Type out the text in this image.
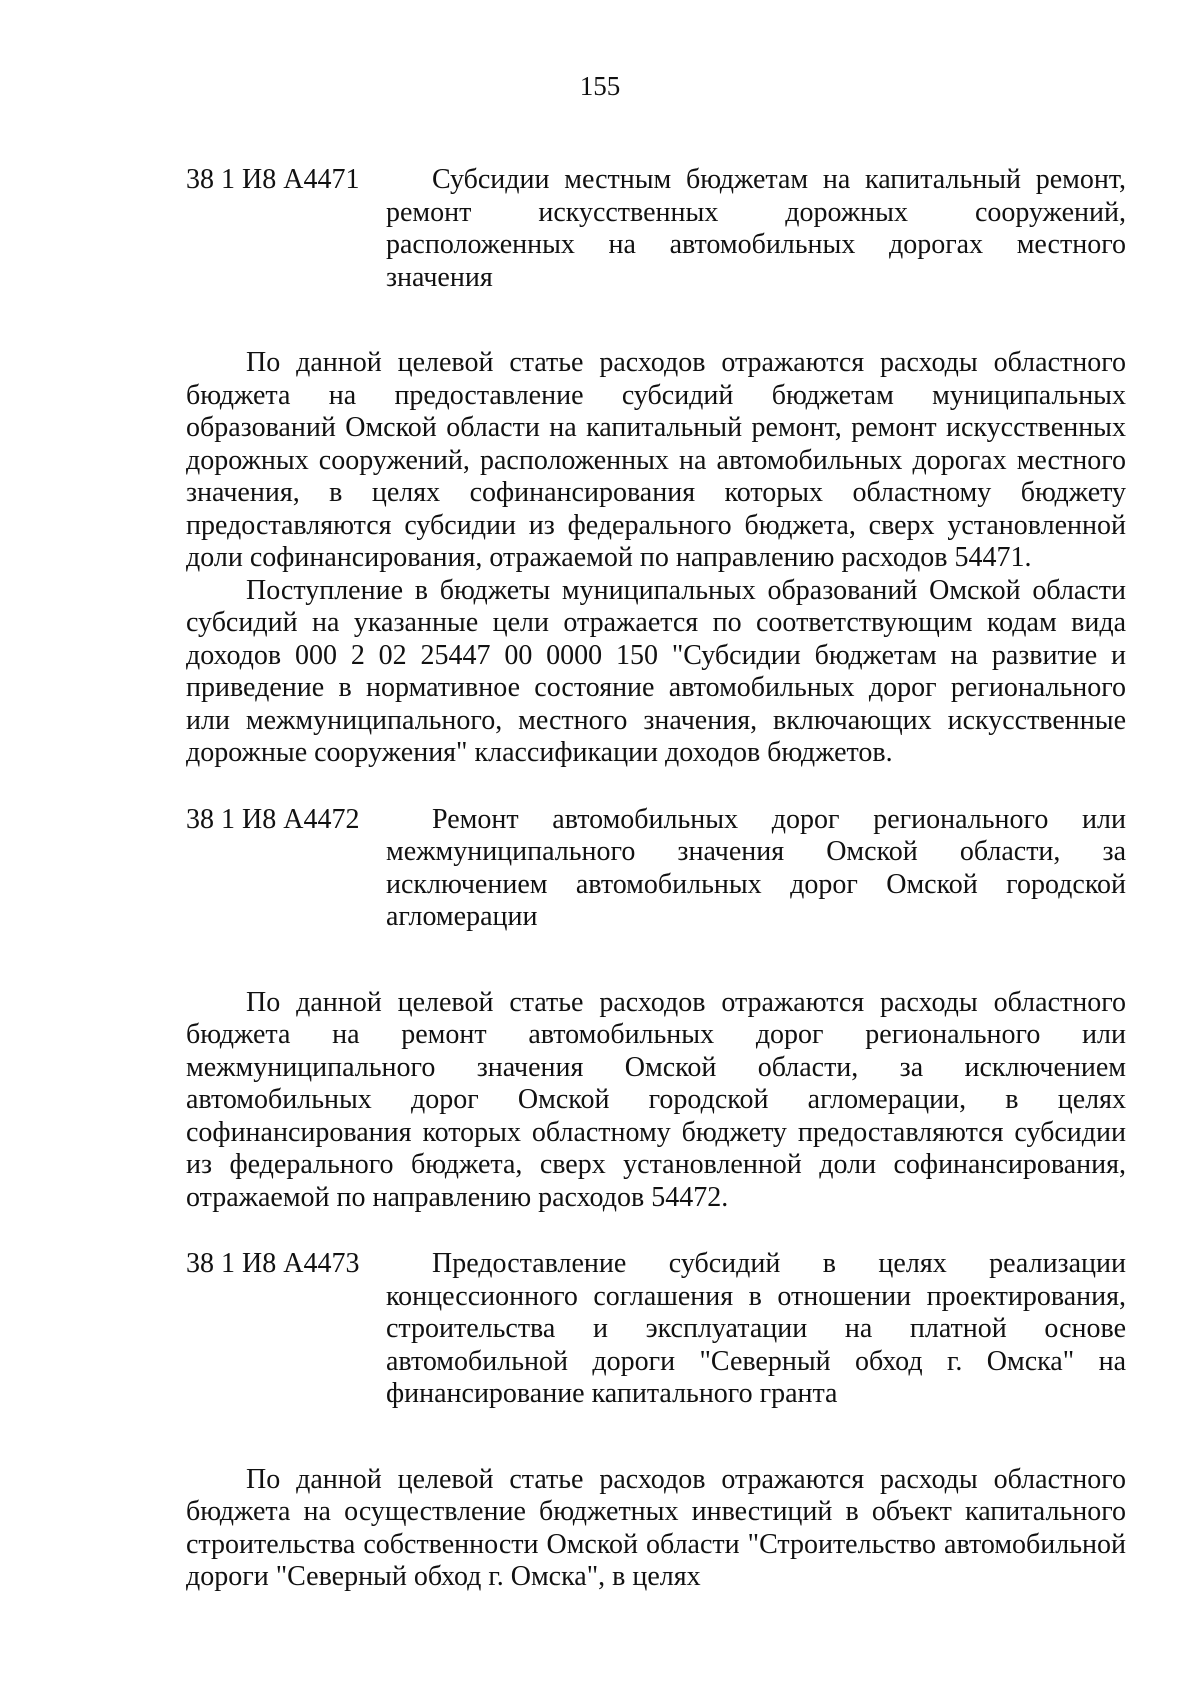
155
38 1 И8 А4471	Субсидии местным бюджетам на капитальный ремонт, ремонт искусственных дорожных сооружений, расположенных на автомобильных дорогах местного значения

По данной целевой статье расходов отражаются расходы областного бюджета на предоставление субсидий бюджетам муниципальных образований Омской области на капитальный ремонт, ремонт искусственных дорожных сооружений, расположенных на автомобильных дорогах местного значения, в целях софинансирования которых областному бюджету предоставляются субсидии из федерального бюджета, сверх установленной доли софинансирования, отражаемой по направлению расходов 54471.

Поступление в бюджеты муниципальных образований Омской области субсидий на указанные цели отражается по соответствующим кодам вида доходов 000 2 02 25447 00 0000 150 "Субсидии бюджетам на развитие и приведение в нормативное состояние автомобильных дорог регионального или межмуниципального, местного значения, включающих искусственные дорожные сооружения" классификации доходов бюджетов.

38 1 И8 А4472	Ремонт автомобильных дорог регионального или межмуниципального значения Омской области, за исключением автомобильных дорог Омской городской агломерации

По данной целевой статье расходов отражаются расходы областного бюджета на ремонт автомобильных дорог регионального или межмуниципального значения Омской области, за исключением автомобильных дорог Омской городской агломерации, в целях софинансирования которых областному бюджету предоставляются субсидии из федерального бюджета, сверх установленной доли софинансирования, отражаемой по направлению расходов 54472.

38 1 И8 А4473	Предоставление субсидий в целях реализации концессионного соглашения в отношении проектирования, строительства и эксплуатации на платной основе автомобильной дороги "Северный обход г. Омска" на финансирование капитального гранта

По данной целевой статье расходов отражаются расходы областного бюджета на осуществление бюджетных инвестиций в объект капитального строительства собственности Омской области "Строительство автомобильной дороги "Северный обход г. Омска", в целях
